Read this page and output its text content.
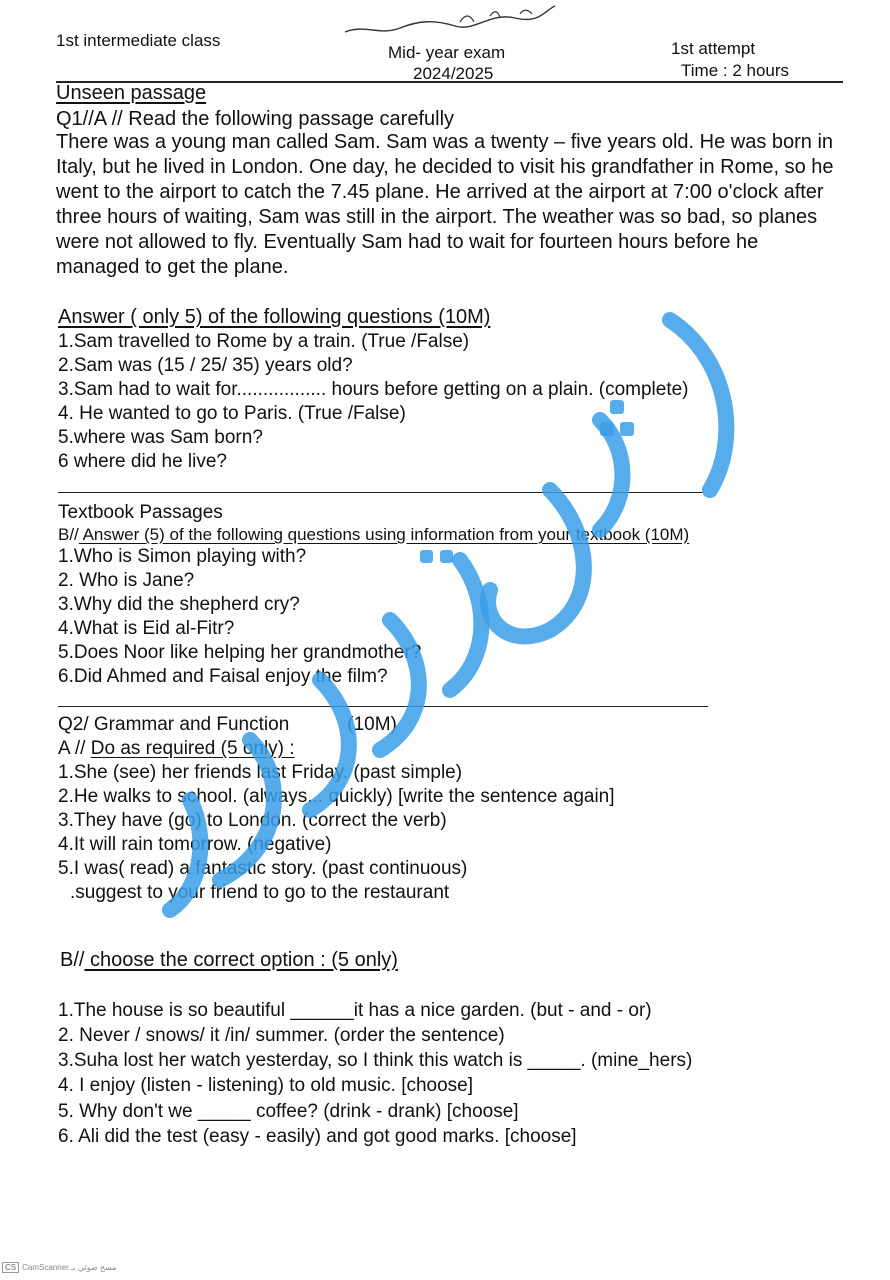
1st intermediate class
Mid- year exam
2024/2025
1st attempt
Time : 2 hours
Unseen passage
Q1//A // Read the following passage carefully

There was a young man called Sam. Sam was a twenty – five years old. He was born in Italy, but he lived in London. One day, he decided to visit his grandfather in Rome, so he went to the airport to catch the 7.45 plane. He arrived at the airport at 7:00 o'clock after three hours of waiting, Sam was still in the airport. The weather was so bad, so planes were not allowed to fly. Eventually Sam had to wait for fourteen hours before he managed to get the plane.

Answer ( only 5) of the following questions (10M)
1.Sam travelled to Rome by a train. (True /False)
2.Sam was (15 / 25/ 35) years old?
3.Sam had to wait for................. hours before getting on a plain. (complete)
4. He wanted to go to Paris. (True /False)
5.where was Sam born?
6 where did he live?
Textbook Passages
B// Answer (5) of the following questions using information from your textbook (10M)
1.Who is Simon playing with?
2. Who is Jane?
3.Why did the shepherd cry?
4.What is Eid al-Fitr?
5.Does Noor like helping her grandmother?
6.Did Ahmed and Faisal enjoy the film?
Q2/ Grammar and Function	(10M)
A // Do as required (5 only) :
1.She (see) her friends last Friday. (past simple)
2.He walks to school. (always... quickly) [write the sentence again]
3.They have (go) to London. (correct the verb)
4.It will rain tomorrow. (negative)
5.I was( read) a fantastic story. (past continuous)
.suggest to your friend to go to the restaurant
B// choose the correct option : (5 only)
1.The house is so beautiful ______it has a nice garden. (but - and - or)
2. Never / snows/ it /in/ summer. (order the sentence)
3.Suha lost her watch yesterday, so I think this watch is _____. (mine_hers)
4. I enjoy (listen - listening) to old music. [choose]
5. Why don't we _____ coffee? (drink - drank) [choose]
6. Ali did the test (easy - easily) and got good marks. [choose]
CS CamScanner مسح ضوئي بـ
